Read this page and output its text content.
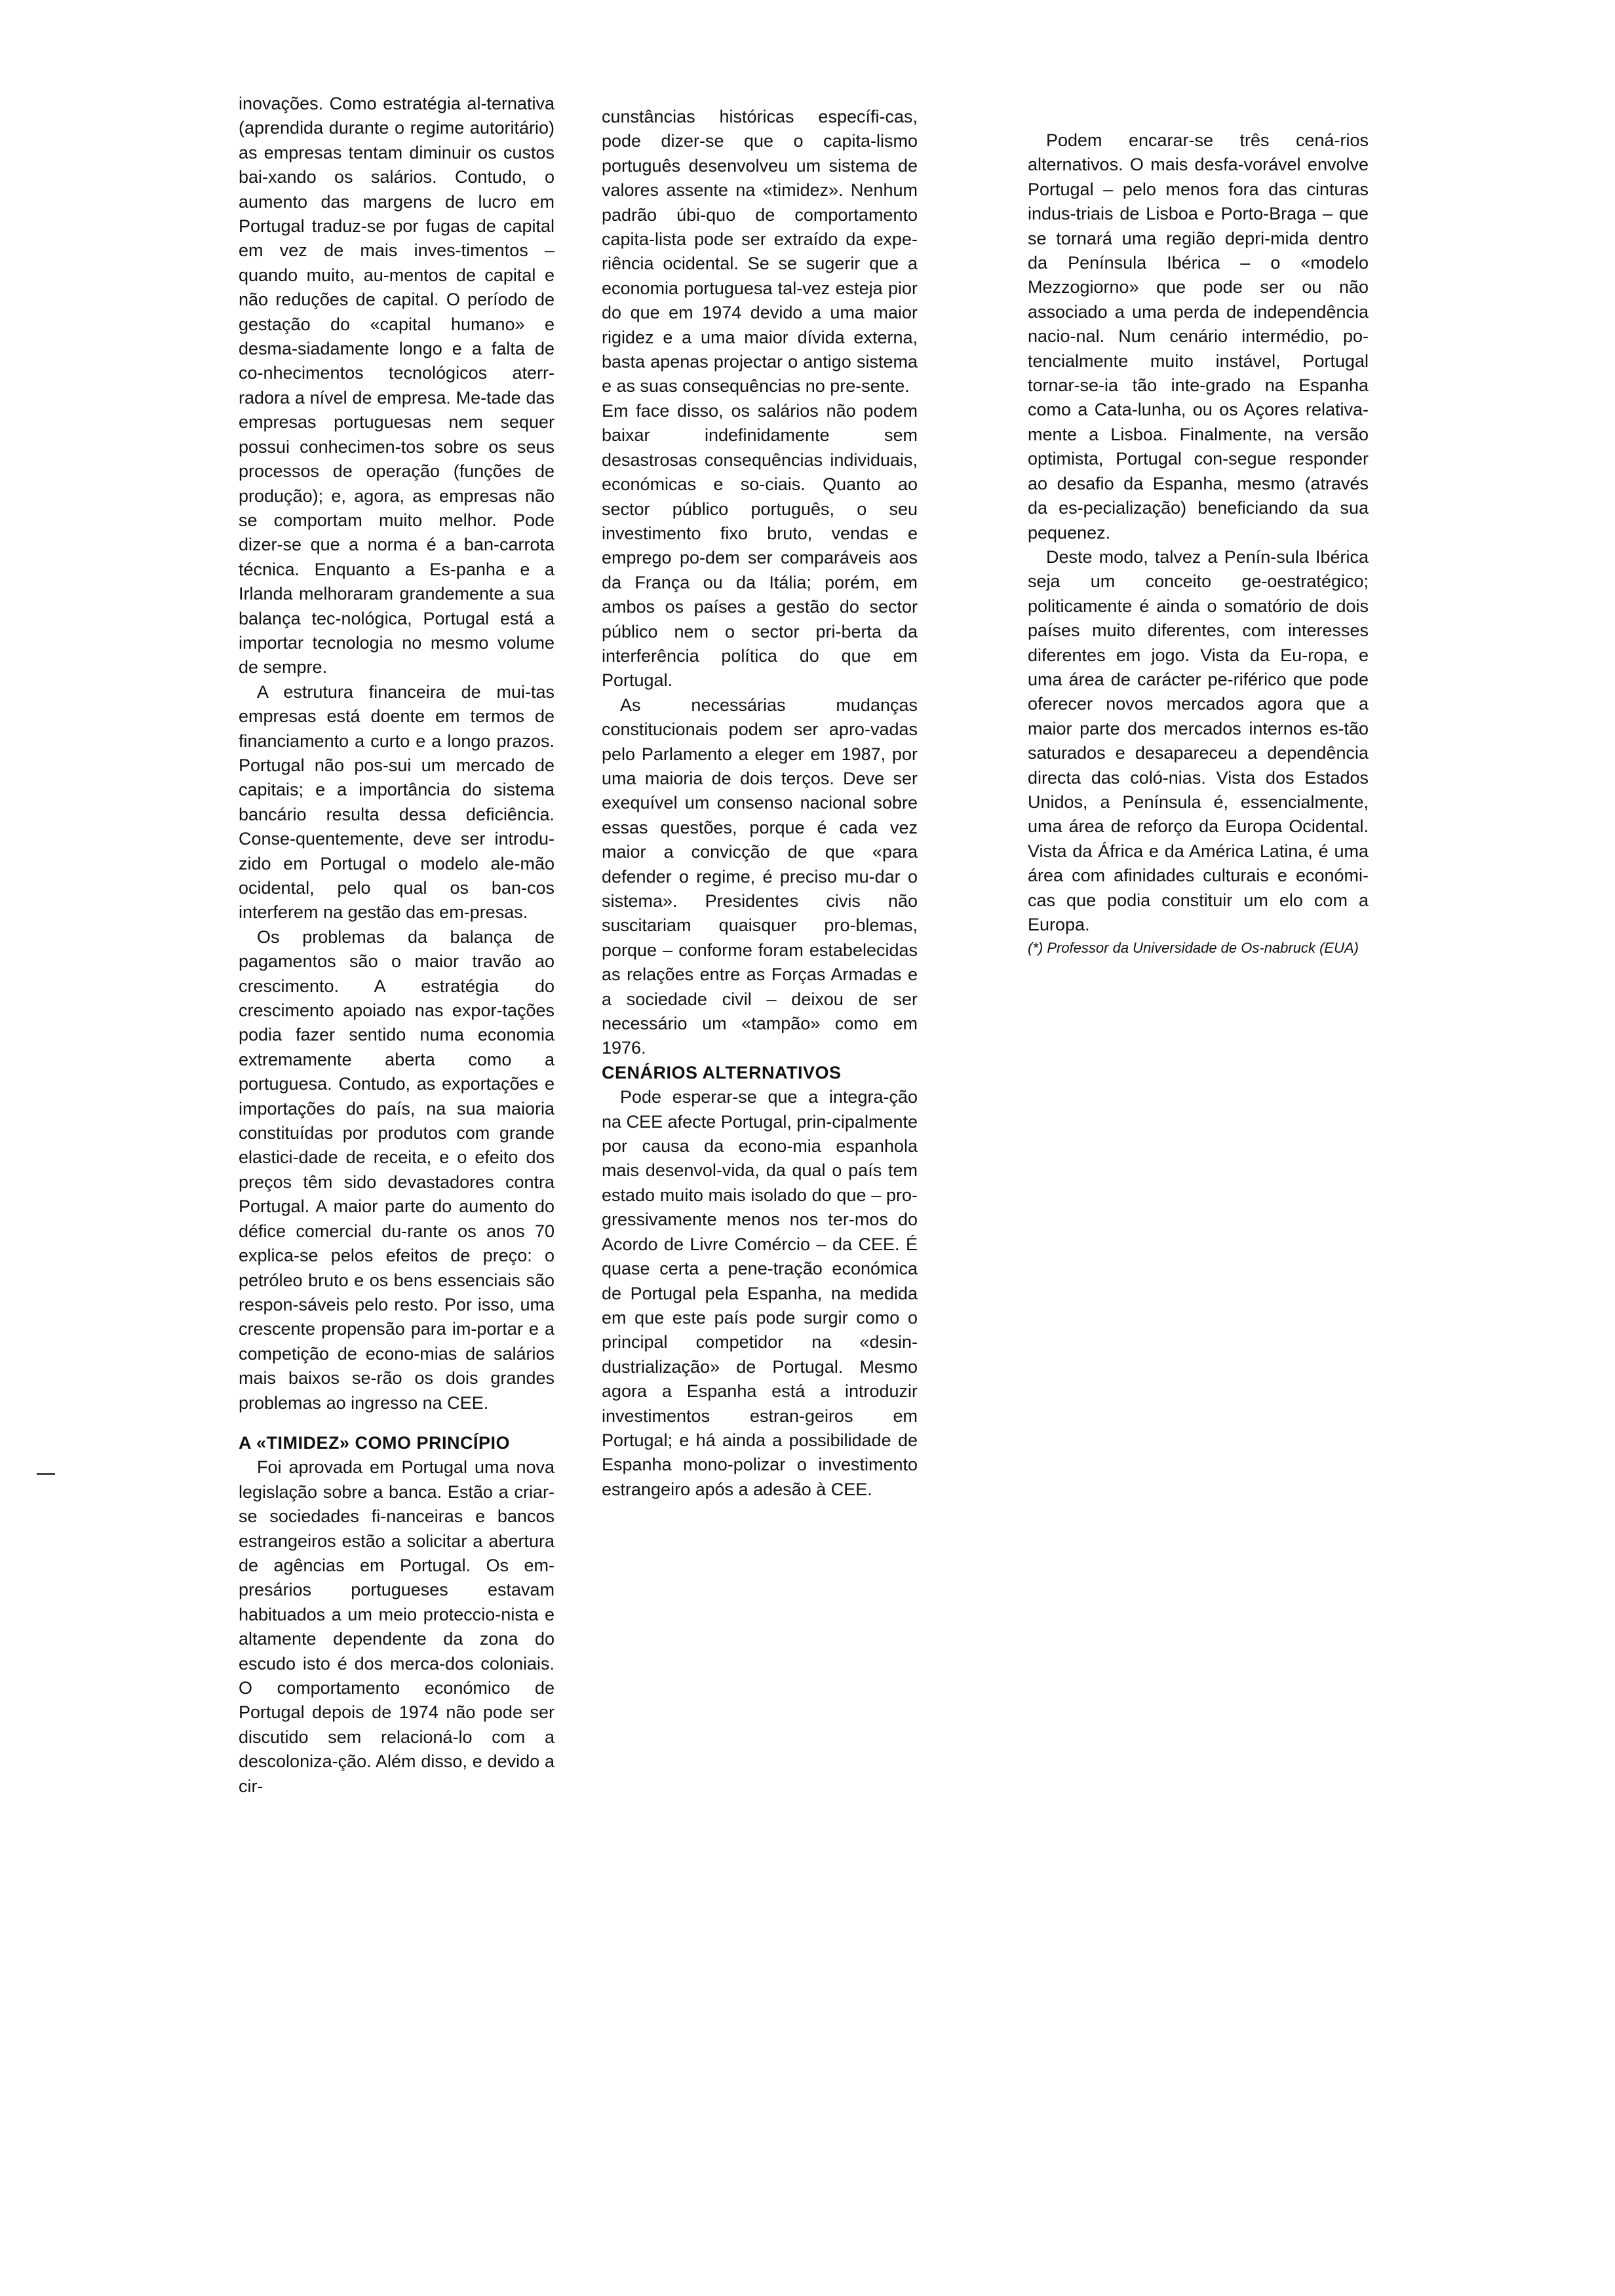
inovações. Como estratégia al-ternativa (aprendida durante o regime autoritário) as empresas tentam diminuir os custos bai-xando os salários. Contudo, o aumento das margens de lucro em Portugal traduz-se por fugas de capital em vez de mais inves-timentos – quando muito, au-mentos de capital e não reduções de capital. O período de gestação do «capital humano» e desma-siadamente longo e a falta de co-nhecimentos tecnológicos aterr-radora a nível de empresa. Me-tade das empresas portuguesas nem sequer possui conhecimen-tos sobre os seus processos de operação (funções de produção); e, agora, as empresas não se comportam muito melhor. Pode dizer-se que a norma é a ban-carrota técnica. Enquanto a Es-panha e a Irlanda melhoraram grandemente a sua balança tec-nológica, Portugal está a importar tecnologia no mesmo volume de sempre.

A estrutura financeira de mui-tas empresas está doente em termos de financiamento a curto e a longo prazos. Portugal não pos-sui um mercado de capitais; e a importância do sistema bancário resulta dessa deficiência. Conse-quentemente, deve ser introdu-zido em Portugal o modelo ale-mão ocidental, pelo qual os ban-cos interferem na gestão das em-presas.

Os problemas da balança de pagamentos são o maior travão ao crescimento. A estratégia do crescimento apoiado nas expor-tações podia fazer sentido numa economia extremamente aberta como a portuguesa. Contudo, as exportações e importações do país, na sua maioria constituídas por produtos com grande elastici-dade de receita, e o efeito dos preços têm sido devastadores contra Portugal. A maior parte do aumento do défice comercial du-rante os anos 70 explica-se pelos efeitos de preço: o petróleo bruto e os bens essenciais são respon-sáveis pelo resto. Por isso, uma crescente propensão para im-portar e a competição de econo-mias de salários mais baixos se-rão os dois grandes problemas ao ingresso na CEE.

A «TIMIDEZ» COMO PRINCÍPIO

Foi aprovada em Portugal uma nova legislação sobre a banca. Estão a criar-se sociedades fi-nanceiras e bancos estrangeiros estão a solicitar a abertura de agências em Portugal. Os em-presários portugueses estavam habituados a um meio proteccio-nista e altamente dependente da zona do escudo isto é dos merca-dos coloniais. O comportamento económico de Portugal depois de 1974 não pode ser discutido sem relacioná-lo com a descoloniza-ção. Além disso, e devido a cir-

cunstâncias históricas específi-cas, pode dizer-se que o capita-lismo português desenvolveu um sistema de valores assente na «timidez». Nenhum padrão úbi-quo de comportamento capita-lista pode ser extraído da expe-riência ocidental. Se se sugerir que a economia portuguesa tal-vez esteja pior do que em 1974 devido a uma maior rigidez e a uma maior dívida externa, basta apenas projectar o antigo sistema e as suas consequências no pre-sente.

Em face disso, os salários não podem baixar indefinidamente sem desastrosas consequências individuais, económicas e so-ciais. Quanto ao sector público português, o seu investimento fixo bruto, vendas e emprego po-dem ser comparáveis aos da França ou da Itália; porém, em ambos os países a gestão do sector público nem o sector pri-berta da interferência política do que em Portugal.

As necessárias mudanças constitucionais podem ser apro-vadas pelo Parlamento a eleger em 1987, por uma maioria de dois terços. Deve ser exequível um consenso nacional sobre essas questões, porque é cada vez maior a convicção de que «para defender o regime, é preciso mu-dar o sistema». Presidentes civis não suscitariam quaisquer pro-blemas, porque – conforme foram estabelecidas as relações entre as Forças Armadas e a sociedade civil – deixou de ser necessário um «tampão» como em 1976.

CENÁRIOS ALTERNATIVOS

Pode esperar-se que a integra-ção na CEE afecte Portugal, prin-cipalmente por causa da econo-mia espanhola mais desenvol-vida, da qual o país tem estado muito mais isolado do que – pro-gressivamente menos nos ter-mos do Acordo de Livre Comércio – da CEE. É quase certa a pene-tração económica de Portugal pela Espanha, na medida em que este país pode surgir como o principal competidor na «desin-dustrialização» de Portugal. Mesmo agora a Espanha está a introduzir investimentos estran-geiros em Portugal; e há ainda a possibilidade de Espanha mono-polizar o investimento estrangeiro após a adesão à CEE.

Podem encarar-se três cená-rios alternativos. O mais desfa-vorável envolve Portugal – pelo menos fora das cinturas indus-triais de Lisboa e Porto-Braga – que se tornará uma região depri-mida dentro da Península Ibérica – o «modelo Mezzogiorno» que pode ser ou não associado a uma perda de independência nacio-nal. Num cenário intermédio, po-tencialmente muito instável, Portugal tornar-se-ia tão inte-grado na Espanha como a Cata-lunha, ou os Açores relativa-mente a Lisboa. Finalmente, na versão optimista, Portugal con-segue responder ao desafio da Espanha, mesmo (através da es-pecialização) beneficiando da sua pequenez.

Deste modo, talvez a Penín-sula Ibérica seja um conceito ge-oestratégico; politicamente é ainda o somatório de dois países muito diferentes, com interesses diferentes em jogo. Vista da Eu-ropa, e uma área de carácter pe-riférico que pode oferecer novos mercados agora que a maior parte dos mercados internos es-tão saturados e desapareceu a dependência directa das coló-nias. Vista dos Estados Unidos, a Península é, essencialmente, uma área de reforço da Europa Ocidental. Vista da África e da América Latina, é uma área com afinidades culturais e económi-cas que podia constituir um elo com a Europa.

(*) Professor da Universidade de Os-nabruck (EUA)
